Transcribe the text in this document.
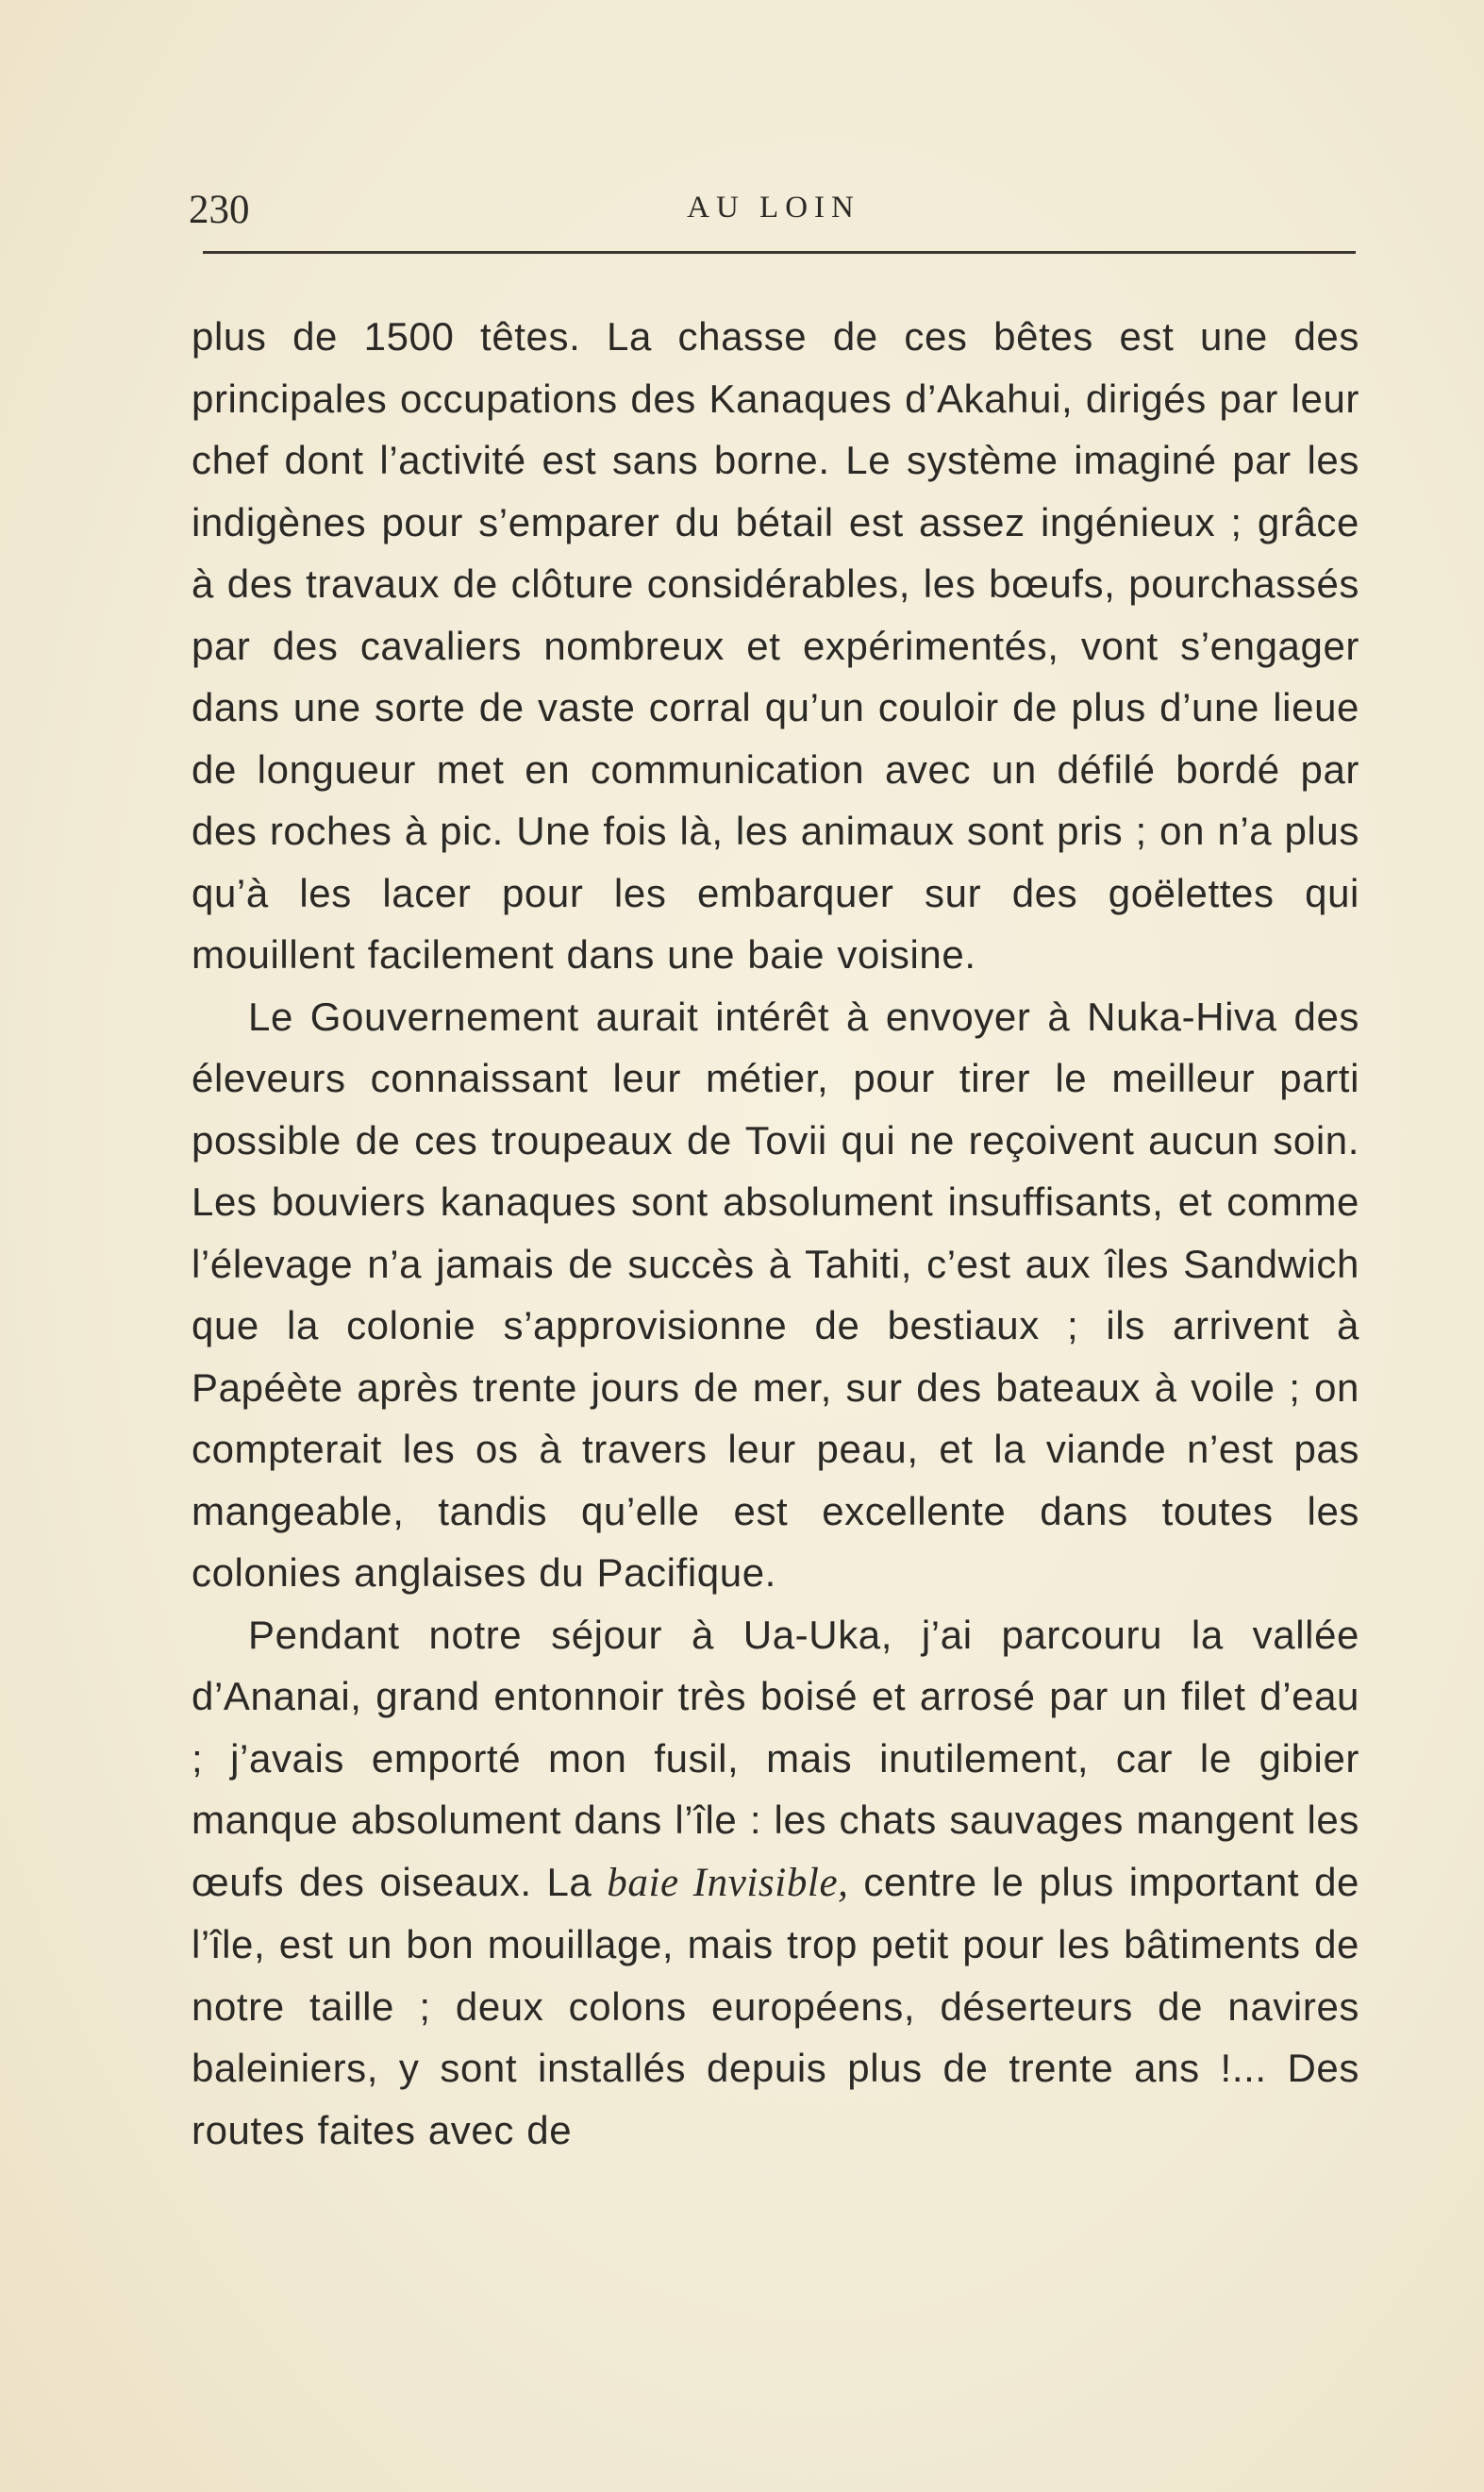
230	AU LOIN

plus de 1500 têtes. La chasse de ces bêtes est une des principales occupations des Kanaques d’Akahui, dirigés par leur chef dont l’activité est sans borne. Le système imaginé par les indigènes pour s’emparer du bétail est assez ingénieux ; grâce à des travaux de clôture considérables, les bœufs, pourchassés par des cavaliers nombreux et expérimentés, vont s’engager dans une sorte de vaste corral qu’un couloir de plus d’une lieue de longueur met en communication avec un défilé bordé par des roches à pic. Une fois là, les animaux sont pris ; on n’a plus qu’à les lacer pour les embarquer sur des goëlettes qui mouillent facilement dans une baie voisine.

Le Gouvernement aurait intérêt à envoyer à Nuka-Hiva des éleveurs connaissant leur métier, pour tirer le meilleur parti possible de ces troupeaux de Tovii qui ne reçoivent aucun soin. Les bouviers kanaques sont absolument insuffisants, et comme l’élevage n’a jamais de succès à Tahiti, c’est aux îles Sandwich que la colonie s’approvisionne de bestiaux ; ils arrivent à Papéète après trente jours de mer, sur des bateaux à voile ; on compterait les os à travers leur peau, et la viande n’est pas mangeable, tandis qu’elle est excellente dans toutes les colonies anglaises du Pacifique.

Pendant notre séjour à Ua-Uka, j’ai parcouru la vallée d’Ananai, grand entonnoir très boisé et arrosé par un filet d’eau ; j’avais emporté mon fusil, mais inutilement, car le gibier manque absolument dans l’île : les chats sauvages mangent les œufs des oiseaux. La baie Invisible, centre le plus important de l’île, est un bon mouillage, mais trop petit pour les bâtiments de notre taille ; deux colons européens, déserteurs de navires baleiniers, y sont installés depuis plus de trente ans !... Des routes faites avec de
